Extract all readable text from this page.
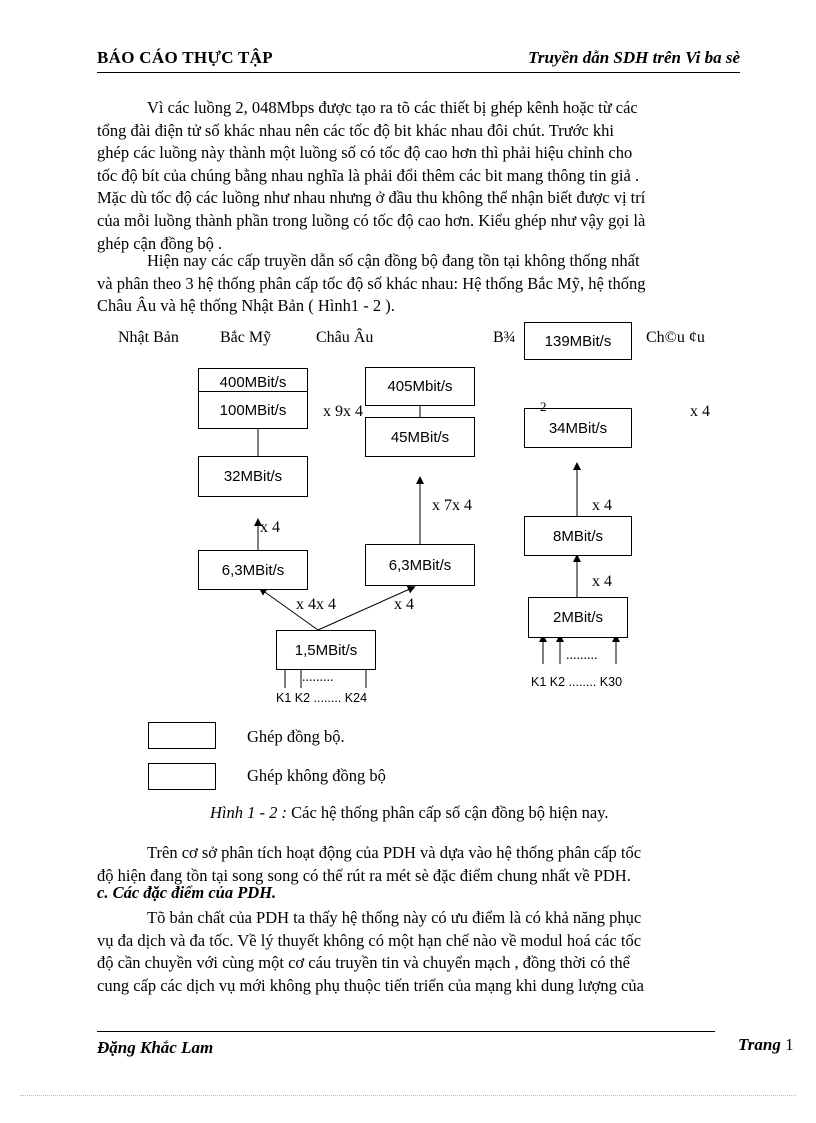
BÁO CÁO THỰC TẬP	Truyền dẫn SDH trên Vi ba sè
Vì các luồng 2, 048Mbps được tạo ra tõ các thiết bị ghép kênh hoặc từ các
tổng đài điện tử số khác nhau nên các tốc độ bit khác nhau đôi chút. Trước khi
ghép các luồng này thành một luồng số có tốc độ cao hơn thì phải hiệu chỉnh cho
tốc độ bít của chúng bằng nhau nghĩa là phải đổi thêm các bit mang thông tin giả .
Mặc dù tốc độ các luồng như nhau nhưng ở đầu thu không thể nhận biết được vị trí
của mỗi luồng thành phần trong luồng có tốc độ cao hơn. Kiểu ghép như vậy gọi là
ghép cận đồng bộ .
Hiện nay các cấp truyền dẫn số cận đồng bộ đang tồn tại không thống nhất
và phân theo 3 hệ thống phân cấp tốc độ số khác nhau: Hệ thống Bắc Mỹ, hệ thống
Châu Âu và hệ thống Nhật Bản ( Hình1 - 2 ).
Nhật Bản	Bắc Mỹ	Châu Âu	B¾	Ch©u ¢u
400MBit/s
100MBit/s
32MBit/s
6,3MBit/s
405Mbit/s
45MBit/s
6,3MBit/s
1,5MBit/s
139MBit/s
34MBit/s
8MBit/s
2MBit/s
x 9x 4	2	x 4
x 7x 4
x 4
x 4x 4	x 4
x 4
x 4
.........
K1 K2 ........ K24
.........
K1 K2 ........ K30
Ghép đồng bộ.
Ghép không đồng bộ
Hình 1 - 2 : Các hệ thống phân cấp số cận đồng bộ hiện nay.
Trên cơ sở phân tích hoạt động của PDH và dựa vào hệ thống phân cấp tốc
độ hiện đang tồn tại song song có thể rút ra mét sè đặc điểm chung nhất về PDH.
c. Các đặc điểm của PDH.
Tõ bản chất của PDH ta thấy hệ thống này có ưu điểm là có khả năng phục
vụ đa dịch và đa tốc. Về lý thuyết không có một hạn chế nào về modul hoá các tốc
độ cần chuyền với cùng một cơ cáu truyền tin và chuyển mạch , đồng thời có thể
cung cấp các dịch vụ mới không phụ thuộc tiến triển của mạng khi dung lượng của
Đặng Khắc Lam	Trang 1
